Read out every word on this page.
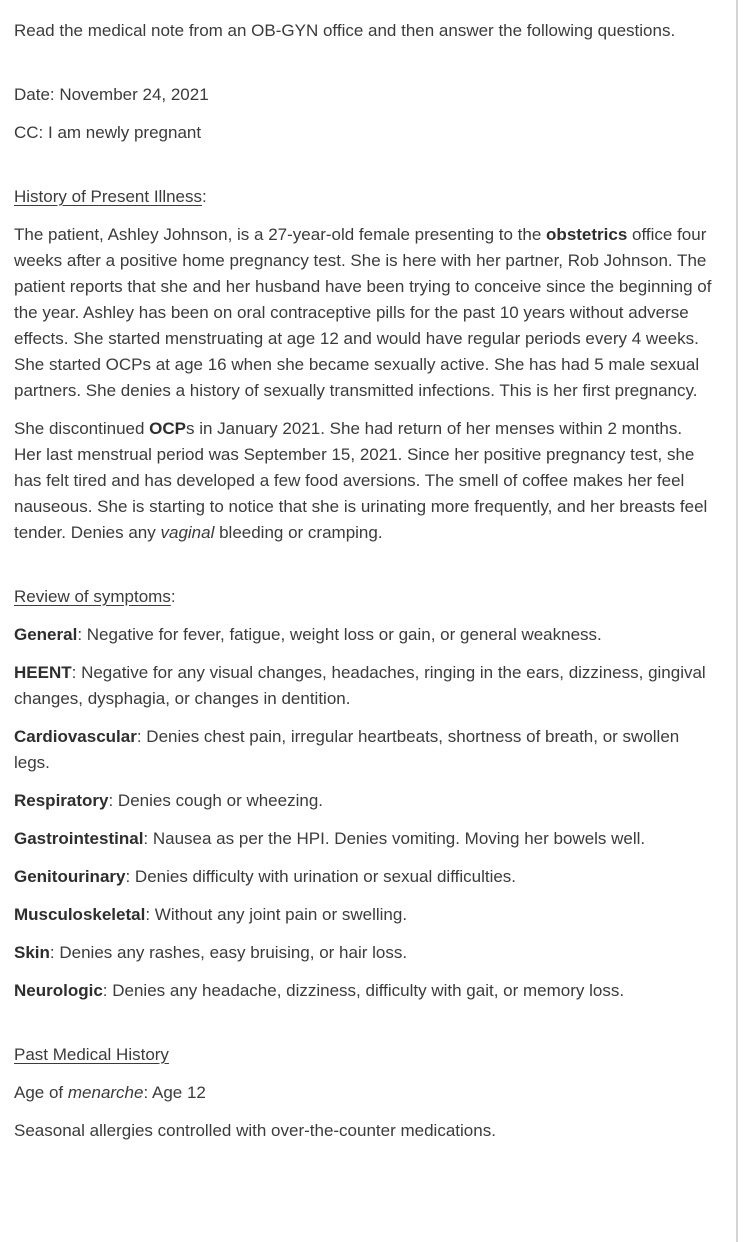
Read the medical note from an OB-GYN office and then answer the following questions.

Date: November 24, 2021

CC: I am newly pregnant

History of Present Illness:

The patient, Ashley Johnson, is a 27-year-old female presenting to the obstetrics office four weeks after a positive home pregnancy test. She is here with her partner, Rob Johnson. The patient reports that she and her husband have been trying to conceive since the beginning of the year. Ashley has been on oral contraceptive pills for the past 10 years without adverse effects. She started menstruating at age 12 and would have regular periods every 4 weeks. She started OCPs at age 16 when she became sexually active. She has had 5 male sexual partners. She denies a history of sexually transmitted infections. This is her first pregnancy.

She discontinued OCPs in January 2021. She had return of her menses within 2 months. Her last menstrual period was September 15, 2021. Since her positive pregnancy test, she has felt tired and has developed a few food aversions. The smell of coffee makes her feel nauseous. She is starting to notice that she is urinating more frequently, and her breasts feel tender. Denies any vaginal bleeding or cramping.

Review of symptoms:

General: Negative for fever, fatigue, weight loss or gain, or general weakness.

HEENT: Negative for any visual changes, headaches, ringing in the ears, dizziness, gingival changes, dysphagia, or changes in dentition.

Cardiovascular: Denies chest pain, irregular heartbeats, shortness of breath, or swollen legs.

Respiratory: Denies cough or wheezing.

Gastrointestinal: Nausea as per the HPI. Denies vomiting. Moving her bowels well.

Genitourinary: Denies difficulty with urination or sexual difficulties.

Musculoskeletal: Without any joint pain or swelling.

Skin: Denies any rashes, easy bruising, or hair loss.

Neurologic: Denies any headache, dizziness, difficulty with gait, or memory loss.

Past Medical History

Age of menarche: Age 12

Seasonal allergies controlled with over-the-counter medications.
